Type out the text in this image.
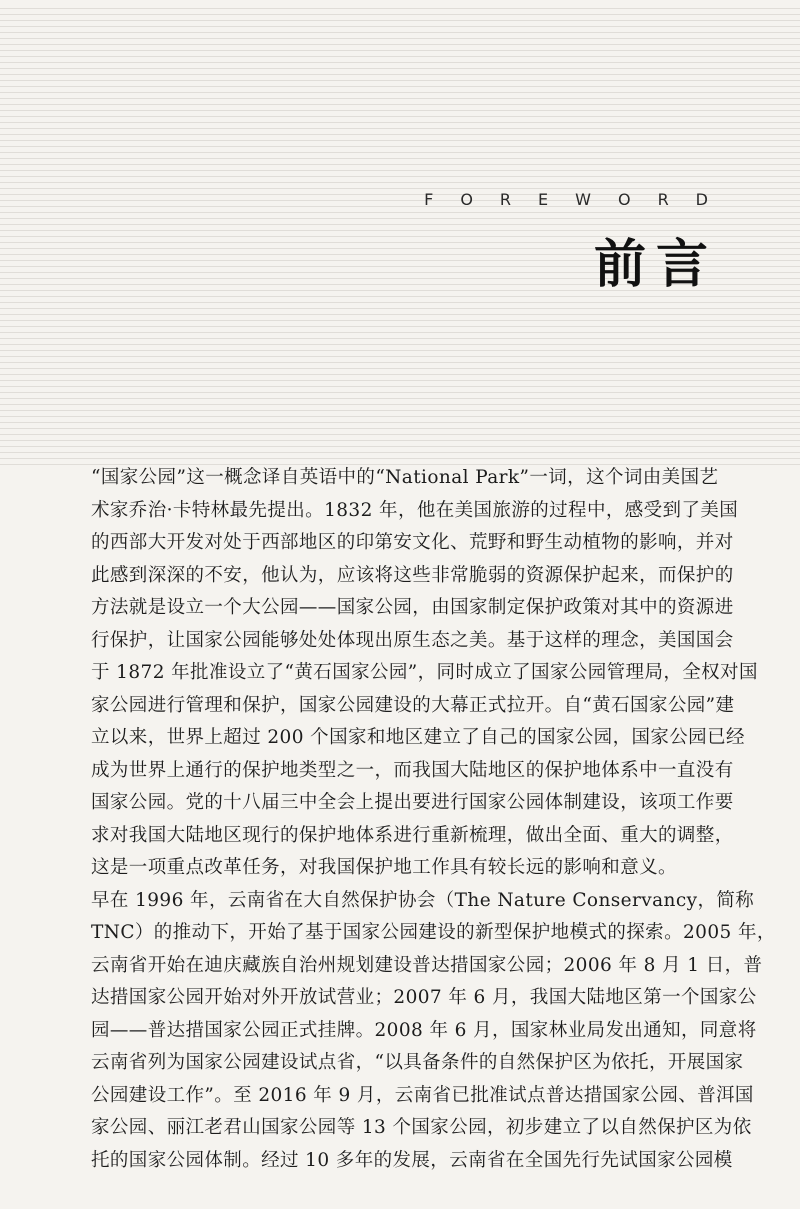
FOREWORD
前言
“国家公园”这一概念译自英语中的“National Park”一词，这个词由美国艺
术家乔治·卡特林最先提出。1832 年，他在美国旅游的过程中，感受到了美国
的西部大开发对处于西部地区的印第安文化、荒野和野生动植物的影响，并对
此感到深深的不安，他认为，应该将这些非常脆弱的资源保护起来，而保护的
方法就是设立一个大公园——国家公园，由国家制定保护政策对其中的资源进
行保护，让国家公园能够处处体现出原生态之美。基于这样的理念，美国国会
于 1872 年批准设立了“黄石国家公园”，同时成立了国家公园管理局，全权对国
家公园进行管理和保护，国家公园建设的大幕正式拉开。自“黄石国家公园”建
立以来，世界上超过 200 个国家和地区建立了自己的国家公园，国家公园已经
成为世界上通行的保护地类型之一，而我国大陆地区的保护地体系中一直没有
国家公园。党的十八届三中全会上提出要进行国家公园体制建设，该项工作要
求对我国大陆地区现行的保护地体系进行重新梳理，做出全面、重大的调整，
这是一项重点改革任务，对我国保护地工作具有较长远的影响和意义。
早在 1996 年，云南省在大自然保护协会（The Nature Conservancy，简称
TNC）的推动下，开始了基于国家公园建设的新型保护地模式的探索。2005 年，
云南省开始在迪庆藏族自治州规划建设普达措国家公园；2006 年 8 月 1 日，普
达措国家公园开始对外开放试营业；2007 年 6 月，我国大陆地区第一个国家公
园——普达措国家公园正式挂牌。2008 年 6 月，国家林业局发出通知，同意将
云南省列为国家公园建设试点省，“以具备条件的自然保护区为依托，开展国家
公园建设工作”。至 2016 年 9 月，云南省已批准试点普达措国家公园、普洱国
家公园、丽江老君山国家公园等 13 个国家公园，初步建立了以自然保护区为依
托的国家公园体制。经过 10 多年的发展，云南省在全国先行先试国家公园模
